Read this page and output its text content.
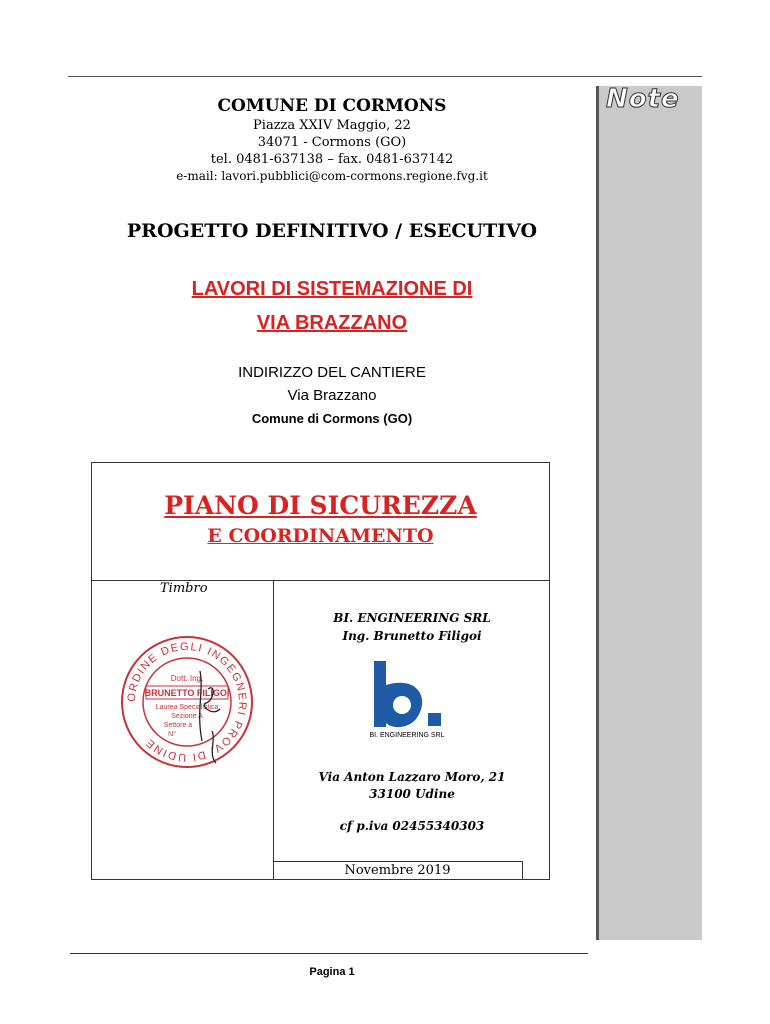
Note
COMUNE DI CORMONS
Piazza XXIV Maggio, 22
34071 - Cormons (GO)
tel. 0481-637138 – fax. 0481-637142
e-mail: lavori.pubblici@com-cormons.regione.fvg.it
PROGETTO DEFINITIVO / ESECUTIVO
LAVORI DI SISTEMAZIONE DI
VIA BRAZZANO
INDIRIZZO DEL CANTIERE
Via Brazzano
Comune di Cormons (GO)
PIANO DI SICUREZZA
E COORDINAMENTO
Timbro
ORDINE DEGLI INGEGNERI PROV. DI UDINE
Dott. Ing.
BRUNETTO FILIGOI
Laurea Specialistica
Sezione A
Settore a
N°
BI. ENGINEERING SRL
Ing. Brunetto Filigoi
BI. ENGINEERING SRL
Via Anton Lazzaro Moro, 21
33100 Udine
cf p.iva 02455340303
Novembre 2019
Pagina 1
